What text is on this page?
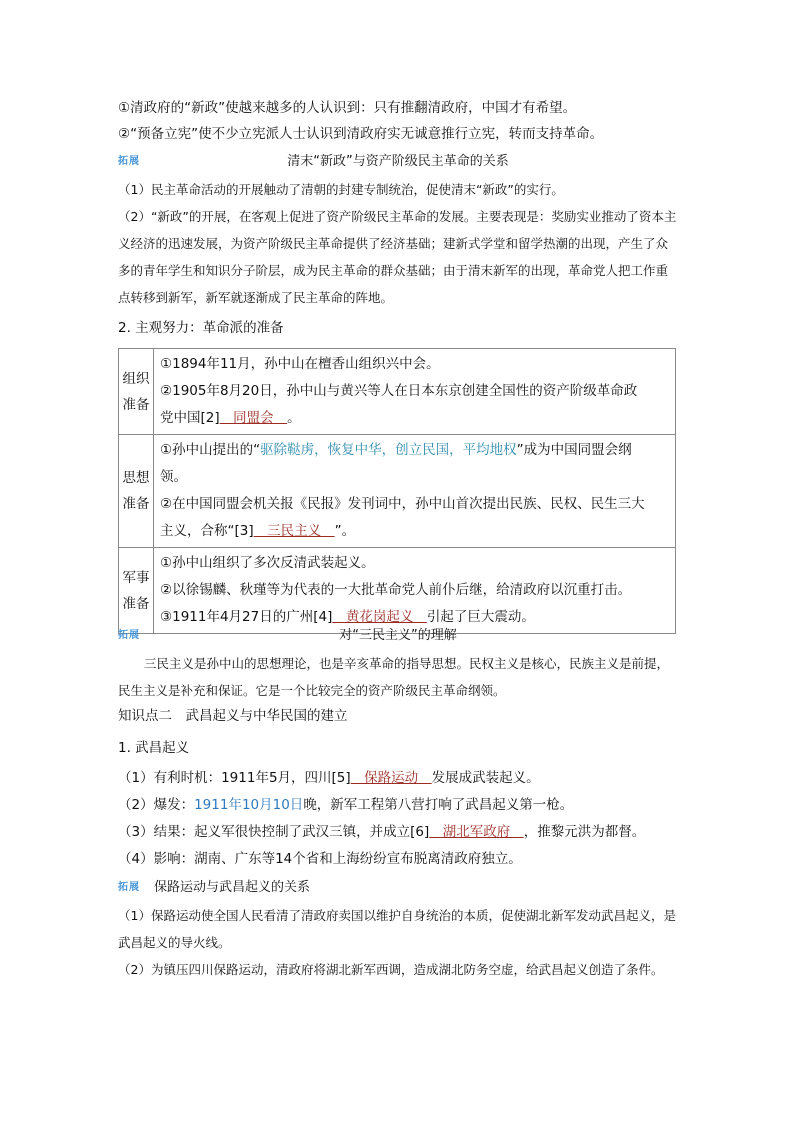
①清政府的“新政”使越来越多的人认识到：只有推翻清政府，中国才有希望。
②“预备立宪”使不少立宪派人士认识到清政府实无诚意推行立宪，转而支持革命。
拓展	清末“新政”与资产阶级民主革命的关系
（1）民主革命活动的开展触动了清朝的封建专制统治，促使清末“新政”的实行。
（2）“新政”的开展，在客观上促进了资产阶级民主革命的发展。主要表现是：奖励实业推动了资本主义经济的迅速发展，为资产阶级民主革命提供了经济基础；建新式学堂和留学热潮的出现，产生了众多的青年学生和知识分子阶层，成为民主革命的群众基础；由于清末新军的出现，革命党人把工作重点转移到新军，新军就逐渐成了民主革命的阵地。
2. 主观努力：革命派的准备
组织准备	①1894年11月，孙中山在檀香山组织兴中会。
②1905年8月20日，孙中山与黄兴等人在日本东京创建全国性的资产阶级革命政
党中国[2]　同盟会　。

思想准备	①孙中山提出的“驱除鞑虏，恢复中华，创立民国，平均地权”成为中国同盟会纲
领。
②在中国同盟会机关报《民报》发刊词中，孙中山首次提出民族、民权、民生三大
主义，合称“[3]　三民主义　”。

军事准备	①孙中山组织了多次反清武装起义。
②以徐锡麟、秋瑾等为代表的一大批革命党人前仆后继，给清政府以沉重打击。
③1911年4月27日的广州[4]　黄花岗起义　引起了巨大震动。
拓展	对“三民主义”的理解
三民主义是孙中山的思想理论，也是辛亥革命的指导思想。民权主义是核心，民族主义是前提，民生主义是补充和保证。它是一个比较完全的资产阶级民主革命纲领。
知识点二　武昌起义与中华民国的建立
1. 武昌起义
（1）有利时机：1911年5月，四川[5]　保路运动　发展成武装起义。
（2）爆发：1911年10月10日晚，新军工程第八营打响了武昌起义第一枪。
（3）结果：起义军很快控制了武汉三镇，并成立[6]　湖北军政府　，推黎元洪为都督。
（4）影响：湖南、广东等14个省和上海纷纷宣布脱离清政府独立。
拓展 保路运动与武昌起义的关系
（1）保路运动使全国人民看清了清政府卖国以维护自身统治的本质，促使湖北新军发动武昌起义，是武昌起义的导火线。
（2）为镇压四川保路运动，清政府将湖北新军西调，造成湖北防务空虚，给武昌起义创造了条件。
